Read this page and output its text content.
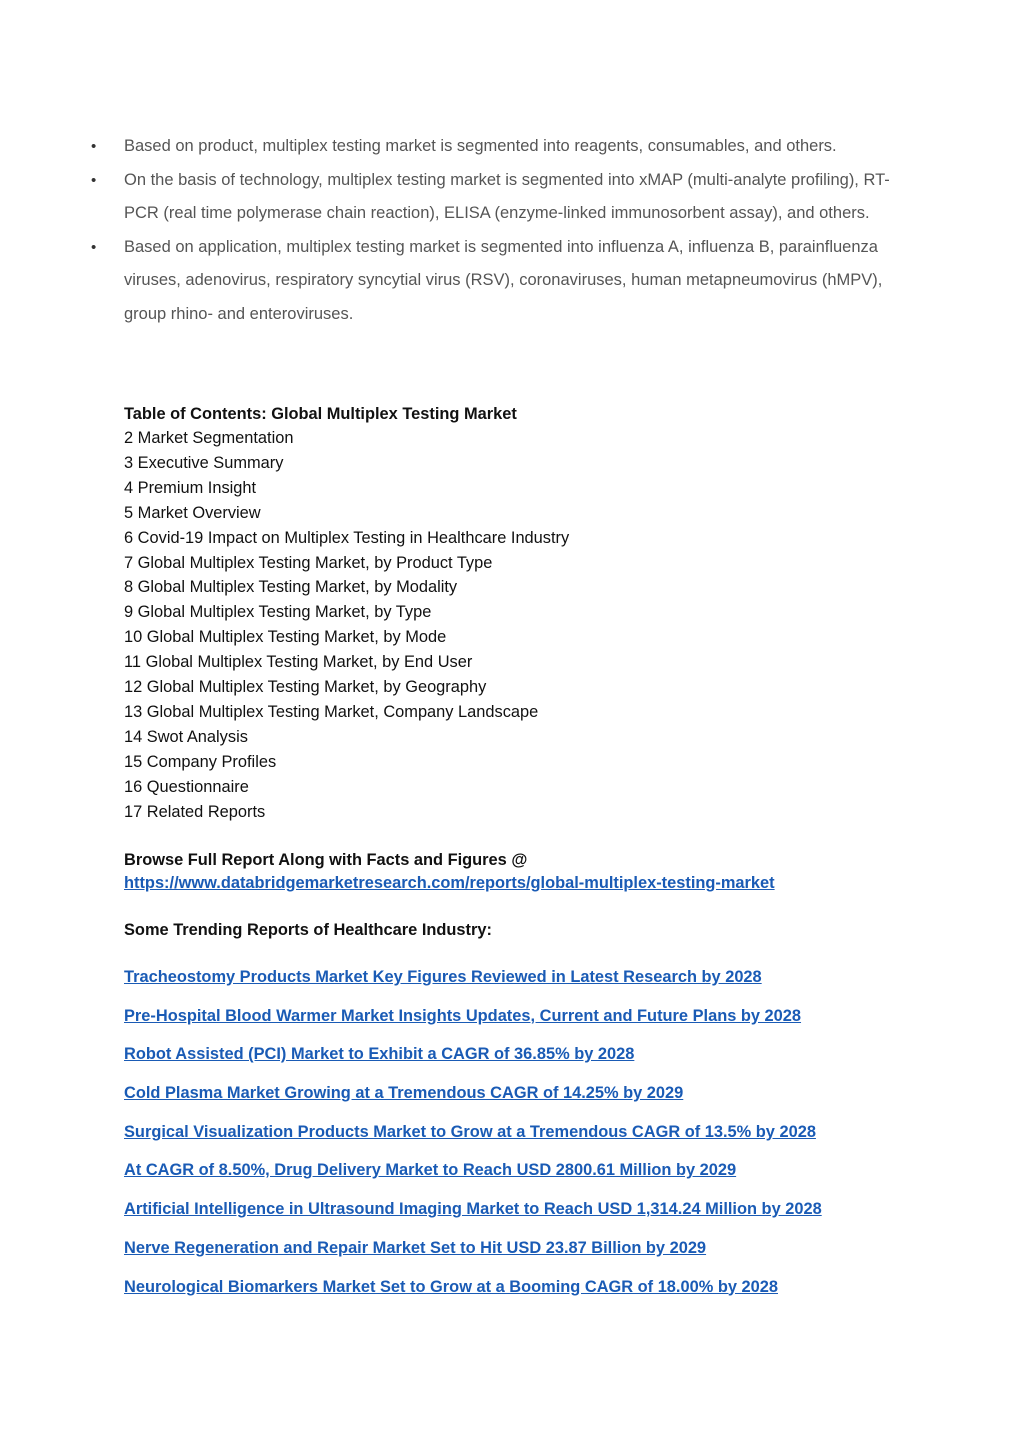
• Based on product, multiplex testing market is segmented into reagents, consumables, and others.
• On the basis of technology, multiplex testing market is segmented into xMAP (multi-analyte profiling), RT-PCR (real time polymerase chain reaction), ELISA (enzyme-linked immunosorbent assay), and others.
• Based on application, multiplex testing market is segmented into influenza A, influenza B, parainfluenza viruses, adenovirus, respiratory syncytial virus (RSV), coronaviruses, human metapneumovirus (hMPV), group rhino- and enteroviruses.
Table of Contents: Global Multiplex Testing Market
2 Market Segmentation
3 Executive Summary
4 Premium Insight
5 Market Overview
6 Covid-19 Impact on Multiplex Testing in Healthcare Industry
7 Global Multiplex Testing Market, by Product Type
8 Global Multiplex Testing Market, by Modality
9 Global Multiplex Testing Market, by Type
10 Global Multiplex Testing Market, by Mode
11 Global Multiplex Testing Market, by End User
12 Global Multiplex Testing Market, by Geography
13 Global Multiplex Testing Market, Company Landscape
14 Swot Analysis
15 Company Profiles
16 Questionnaire
17 Related Reports
Browse Full Report Along with Facts and Figures @
https://www.databridgemarketresearch.com/reports/global-multiplex-testing-market
Some Trending Reports of Healthcare Industry:
Tracheostomy Products Market Key Figures Reviewed in Latest Research by 2028
Pre-Hospital Blood Warmer Market Insights Updates, Current and Future Plans by 2028
Robot Assisted (PCI) Market to Exhibit a CAGR of 36.85% by 2028
Cold Plasma Market Growing at a Tremendous CAGR of 14.25% by 2029
Surgical Visualization Products Market to Grow at a Tremendous CAGR of 13.5% by 2028
At CAGR of 8.50%, Drug Delivery Market to Reach USD 2800.61 Million by 2029
Artificial Intelligence in Ultrasound Imaging Market to Reach USD 1,314.24 Million by 2028
Nerve Regeneration and Repair Market Set to Hit USD 23.87 Billion by 2029
Neurological Biomarkers Market Set to Grow at a Booming CAGR of 18.00% by 2028
